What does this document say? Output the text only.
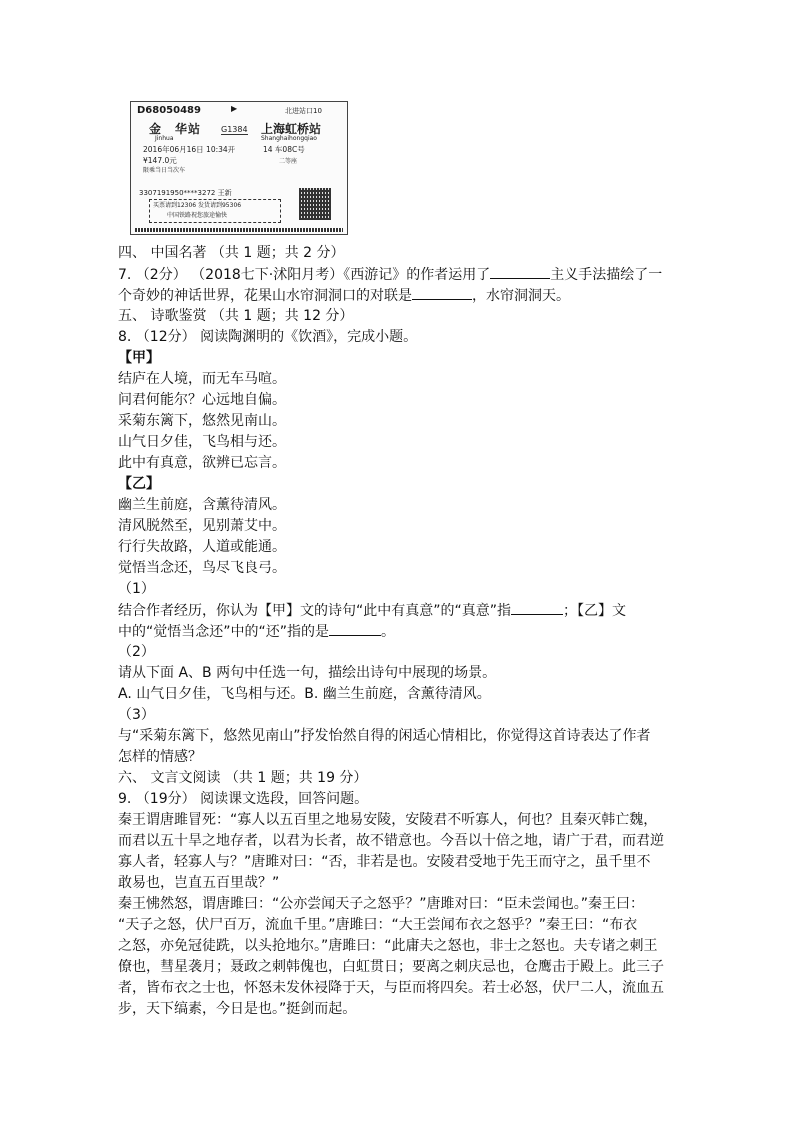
D68050489	▶	北进站口10
金　华站
Jinhua
G1384 上海虹桥站
Shanghaihongqiao
2016年06月16日 10:34开	14 车08C号
¥147.0元	二等座
限乘当日当次车
3307191950****3272 王新
买票请到12306 发货请到95306
中国铁路祝您旅途愉快
四、 中国名著 （共 1 题；共 2 分）
7. （2分） （2018七下·沭阳月考）《西游记》的作者运用了	主义手法描绘了一
个奇妙的神话世界，花果山水帘洞洞口的对联是	，水帘洞洞天。
五、 诗歌鉴赏 （共 1 题；共 12 分）
8. （12分） 阅读陶渊明的《饮酒》，完成小题。
【甲】
结庐在人境，而无车马喧。
问君何能尔？心远地自偏。
采菊东篱下，悠然见南山。
山气日夕佳，飞鸟相与还。
此中有真意，欲辨已忘言。
【乙】
幽兰生前庭，含薰待清风。
清风脱然至，见别萧艾中。
行行失故路，人道或能通。
觉悟当念还，鸟尽飞良弓。
（1）
结合作者经历，你认为【甲】文的诗句“此中有真意”的“真意”指	；【乙】文
中的“觉悟当念还”中的“还”指的是	。
（2）
请从下面 A、B 两句中任选一句，描绘出诗句中展现的场景。
A. 山气日夕佳，飞鸟相与还。B. 幽兰生前庭，含薰待清风。
（3）
与“采菊东篱下，悠然见南山”抒发怡然自得的闲适心情相比，你觉得这首诗表达了作者
怎样的情感？
六、 文言文阅读 （共 1 题；共 19 分）
9. （19分） 阅读课文选段，回答问题。
秦王谓唐雎冒死：“寡人以五百里之地易安陵，安陵君不听寡人，何也？且秦灭韩亡魏，
而君以五十旱之地存者，以君为长者，故不错意也。今吾以十倍之地，请广于君，而君逆
寡人者，轻寡人与？”唐雎对曰：“否，非若是也。安陵君受地于先王而守之，虽千里不
敢易也，岂直五百里哉？”
秦王怫然怒，谓唐雎曰：“公亦尝闻天子之怒乎？”唐雎对曰：“臣未尝闻也。”秦王曰：
“天子之怒，伏尸百万，流血千里。”唐雎曰：“大王尝闻布衣之怒乎？”秦王曰：“布衣
之怒，亦免冠徒跣，以头抢地尔。”唐雎曰：“此庸夫之怒也，非士之怒也。夫专诸之刺王
僚也，彗星袭月；聂政之刺韩傀也，白虹贯日；要离之刺庆忌也，仓鹰击于殿上。此三子
者，皆布衣之士也，怀怒未发休祲降于天，与臣而将四矣。若士必怒，伏尸二人，流血五
步，天下缟素，今日是也。”挺剑而起。
